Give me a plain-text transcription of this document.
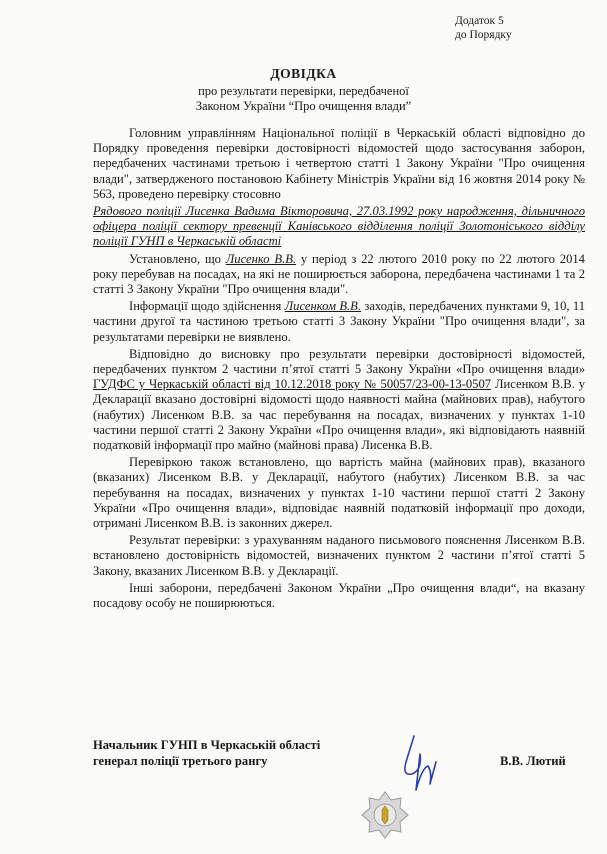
Додаток 5
до Порядку
ДОВІДКА
про результати перевірки, передбаченої
Законом України “Про очищення влади”

Головним управлінням Національної поліції в Черкаській області відповідно до Порядку проведення перевірки достовірності відомостей щодо застосування заборон, передбачених частинами третьою і четвертою статті 1 Закону України "Про очищення влади", затвердженого постановою Кабінету Міністрів України від 16 жовтня 2014 року № 563, проведено перевірку стосовно

Рядового поліції Лисенка Вадима Вікторовича, 27.03.1992 року народження, дільничного офіцера поліції сектору превенції Канівського відділення поліції Золотоніського відділу поліції ГУНП в Черкаській області

Установлено, що Лисенко В.В. у період з 22 лютого 2010 року по 22 лютого 2014 року перебував на посадах, на які не поширюється заборона, передбачена частинами 1 та 2 статті 3 Закону України "Про очищення влади".

Інформації щодо здійснення Лисенком В.В. заходів, передбачених пунктами 9, 10, 11 частини другої та частиною третьою статті 3 Закону України "Про очищення влади", за результатами перевірки не виявлено.

Відповідно до висновку про результати перевірки достовірності відомостей, передбачених пунктом 2 частини п’ятої статті 5 Закону України «Про очищення влади» ГУДФС у Черкаській області від 10.12.2018 року № 50057/23-00-13-0507 Лисенком В.В. у Декларації вказано достовірні відомості щодо наявності майна (майнових прав), набутого (набутих) Лисенком В.В. за час перебування на посадах, визначених у пунктах 1-10 частини першої статті 2 Закону України «Про очищення влади», які відповідають наявній податковій інформації про майно (майнові права) Лисенка В.В.

Перевіркою також встановлено, що вартість майна (майнових прав), вказаного (вказаних) Лисенком В.В. у Декларації, набутого (набутих) Лисенком В.В. за час перебування на посадах, визначених у пунктах 1-10 частини першої статті 2 Закону України «Про очищення влади», відповідає наявній податковій інформації про доходи, отримані Лисенком В.В. із законних джерел.

Результат перевірки: з урахуванням наданого письмового пояснення Лисенком В.В. встановлено достовірність відомостей, визначених пунктом 2 частини п’ятої статті 5 Закону, вказаних Лисенком В.В. у Декларації.

Інші заборони, передбачені Законом України „Про очищення влади“, на вказану посадову особу не поширюються.

Начальник ГУНП в Черкаській області
генерал поліції третього рангу	В.В. Лютий
